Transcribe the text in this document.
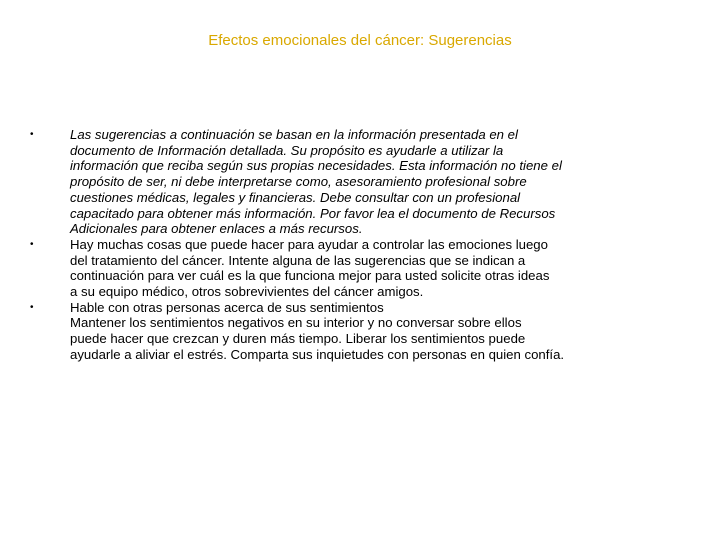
Efectos emocionales del cáncer: Sugerencias
•	Las sugerencias a continuación se basan en la información presentada en el
documento de Información detallada. Su propósito es ayudarle a utilizar la
información que reciba según sus propias necesidades. Esta información no tiene el
propósito de ser, ni debe interpretarse como, asesoramiento profesional sobre
cuestiones médicas, legales y financieras. Debe consultar con un profesional
capacitado para obtener más información. Por favor lea el documento de Recursos
Adicionales para obtener enlaces a más recursos.
•	Hay muchas cosas que puede hacer para ayudar a controlar las emociones luego
del tratamiento del cáncer. Intente alguna de las sugerencias que se indican a
continuación para ver cuál es la que funciona mejor para usted solicite otras ideas
a su equipo médico, otros sobrevivientes del cáncer amigos.
•	Hable con otras personas acerca de sus sentimientos
Mantener los sentimientos negativos en su interior y no conversar sobre ellos
puede hacer que crezcan y duren más tiempo. Liberar los sentimientos puede
ayudarle a aliviar el estrés. Comparta sus inquietudes con personas en quien confía.
